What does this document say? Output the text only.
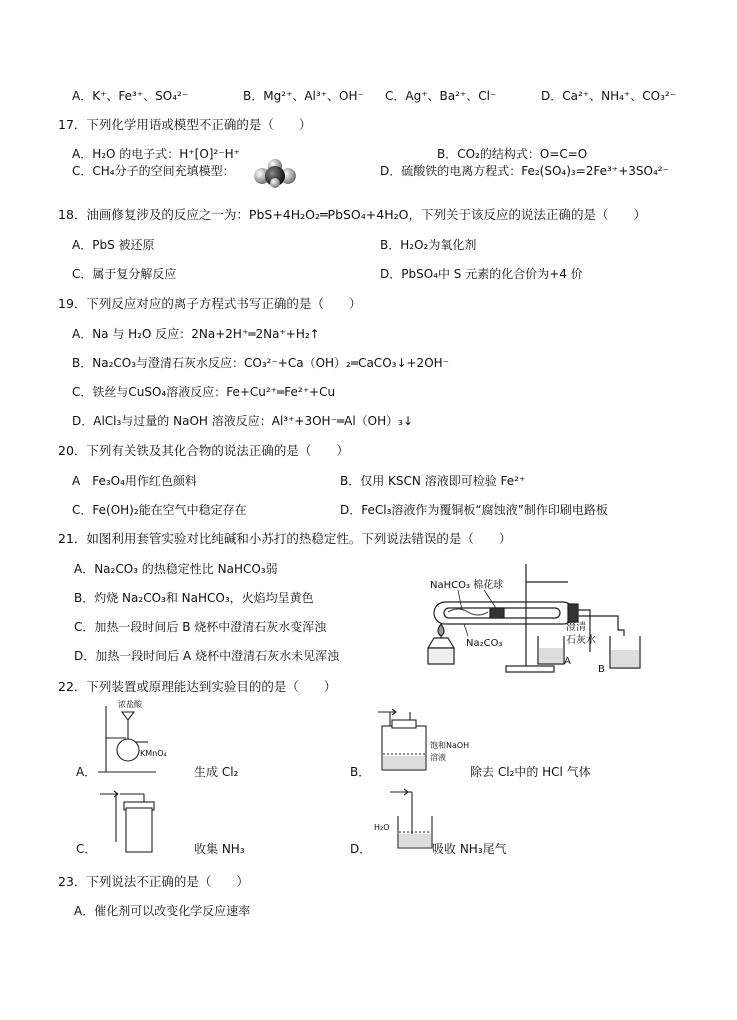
A．K⁺、Fe³⁺、SO₄²⁻	B．Mg²⁺、Al³⁺、OH⁻ C．Ag⁺、Ba²⁺、Cl⁻	D．Ca²⁺、NH₄⁺、CO₃²⁻
17．下列化学用语或模型不正确的是（　　）
A．H₂O 的电子式：H⁺[O]²⁻H⁺	B．CO₂的结构式：O=C=O
C．CH₄分子的空间充填模型：	D．硫酸铁的电离方程式：Fe₂(SO₄)₃=2Fe³⁺+3SO₄²⁻
18．油画修复涉及的反应之一为：PbS+4H₂O₂═PbSO₄+4H₂O，下列关于该反应的说法正确的是（　　）
A．PbS 被还原	B．H₂O₂为氧化剂
C．属于复分解反应	D．PbSO₄中 S 元素的化合价为+4 价
19．下列反应对应的离子方程式书写正确的是（　　）
A．Na 与 H₂O 反应：2Na+2H⁺═2Na⁺+H₂↑
B．Na₂CO₃与澄清石灰水反应：CO₃²⁻+Ca（OH）₂═CaCO₃↓+2OH⁻
C．铁丝与CuSO₄溶液反应：Fe+Cu²⁺═Fe²⁺+Cu
D．AlCl₃与过量的 NaOH 溶液反应：Al³⁺+3OH⁻═Al（OH）₃↓
20．下列有关铁及其化合物的说法正确的是（　　）
A　Fe₃O₄用作红色颜料	B．仅用 KSCN 溶液即可检验 Fe²⁺
C．Fe(OH)₂能在空气中稳定存在	D．FeCl₃溶液作为覆铜板“腐蚀液”制作印刷电路板
21．如图利用套管实验对比纯碱和小苏打的热稳定性。下列说法错误的是（　　）
A．Na₂CO₃ 的热稳定性比 NaHCO₃弱
B．灼烧 Na₂CO₃和 NaHCO₃，火焰均呈黄色
C．加热一段时间后 B 烧杯中澄清石灰水变浑浊
D．加热一段时间后 A 烧杯中澄清石灰水未见浑浊
NaHCO₃ 棉花球
Na₂CO₃
澄清
石灰水
A
B
22．下列装置或原理能达到实验目的的是（　　）
浓盐酸
KMnO₄
A．	生成 Cl₂
饱和NaOH
溶液
B．	除去 Cl₂中的 HCl 气体
C．	收集 NH₃
H₂O
D．	吸收 NH₃尾气
23．下列说法不正确的是（　　）
A．催化剂可以改变化学反应速率
